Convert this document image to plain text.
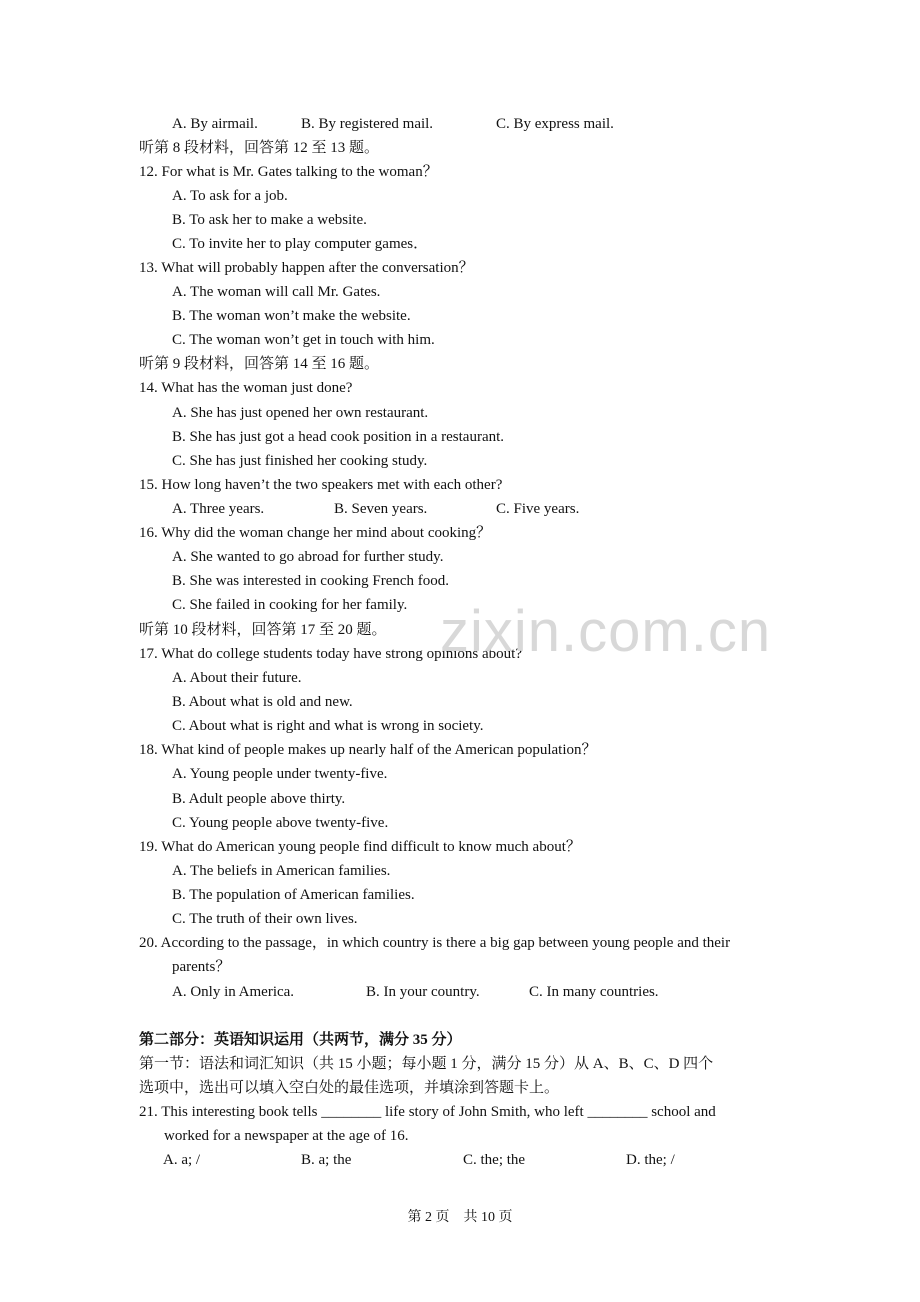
A. By airmail.	B. By registered mail.	C. By express mail.
听第 8 段材料，回答第 12 至 13 题。
12. For what is Mr. Gates talking to the woman？
A. To ask for a job.
B. To ask her to make a website.
C. To invite her to play computer games．
13. What will probably happen after the conversation？
A. The woman will call Mr. Gates.
B. The woman won’t make the website.
C. The woman won’t get in touch with him.
听第 9 段材料，回答第 14 至 16 题。
14. What has the woman just done?
A. She has just opened her own restaurant.
B. She has just got a head cook position in a restaurant.
C. She has just finished her cooking study.
15. How long haven’t the two speakers met with each other?
A. Three years.	B. Seven years.	C. Five years.
16. Why did the woman change her mind about cooking？
A. She wanted to go abroad for further study.
B. She was interested in cooking French food.
C. She failed in cooking for her family.
听第 10 段材料，回答第 17 至 20 题。
17. What do college students today have strong opinions about?
A. About their future.
B. About what is old and new.
C. About what is right and what is wrong in society.
18. What kind of people makes up nearly half of the American population？
A. Young people under twenty-five.
B. Adult people above thirty.
C. Young people above twenty-five.
19. What do American young people find difficult to know much about？
A. The beliefs in American families.
B. The population of American families.
C. The truth of their own lives.
20. According to the passage，in which country is there a big gap between young people and their
parents？
A. Only in America.	B. In your country.	C. In many countries.
第二部分：英语知识运用（共两节，满分 35 分）
第一节：语法和词汇知识（共 15 小题；每小题 1 分，满分 15 分）从 A、B、C、D 四个
选项中，选出可以填入空白处的最佳选项，并填涂到答题卡上。
21. This interesting book tells ________ life story of John Smith, who left ________ school and
worked for a newspaper at the age of 16.
A. a; /	B. a; the	C. the; the	D. the; /
zixin.com.cn
第 2 页　共 10 页
